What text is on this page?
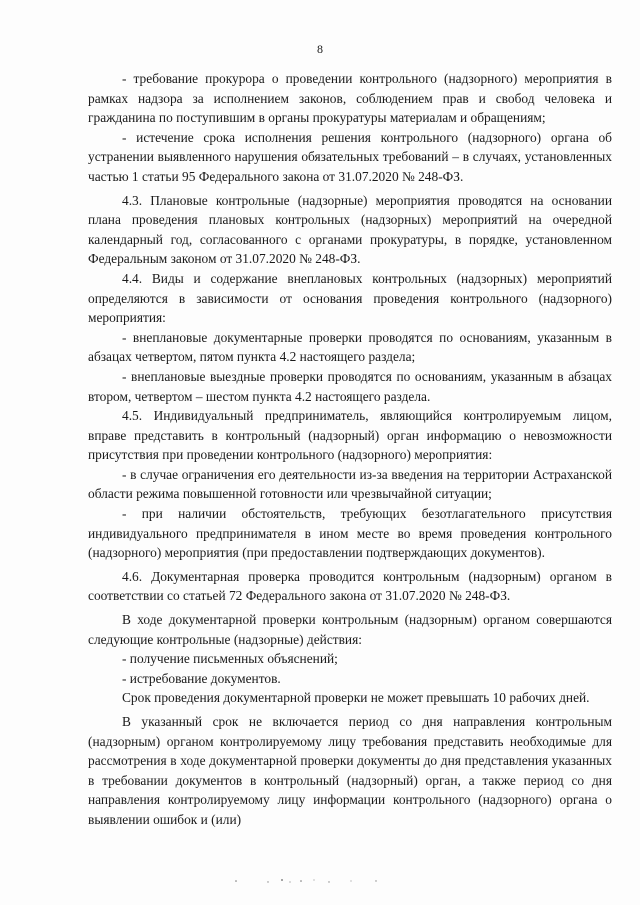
8

- требование прокурора о проведении контрольного (надзорного) мероприятия в рамках надзора за исполнением законов, соблюдением прав и свобод человека и гражданина по поступившим в органы прокуратуры материалам и обращениям;

- истечение срока исполнения решения контрольного (надзорного) органа об устранении выявленного нарушения обязательных требований – в случаях, установленных частью 1 статьи 95 Федерального закона от 31.07.2020 № 248-ФЗ.

4.3. Плановые контрольные (надзорные) мероприятия проводятся на основании плана проведения плановых контрольных (надзорных) мероприятий на очередной календарный год, согласованного с органами прокуратуры, в порядке, установленном Федеральным законом от 31.07.2020 № 248-ФЗ.

4.4. Виды и содержание внеплановых контрольных (надзорных) мероприятий определяются в зависимости от основания проведения контрольного (надзорного) мероприятия:

- внеплановые документарные проверки проводятся по основаниям, указанным в абзацах четвертом, пятом пункта 4.2 настоящего раздела;

- внеплановые выездные проверки проводятся по основаниям, указанным в абзацах втором, четвертом – шестом пункта 4.2 настоящего раздела.

4.5. Индивидуальный предприниматель, являющийся контролируемым лицом, вправе представить в контрольный (надзорный) орган информацию о невозможности присутствия при проведении контрольного (надзорного) мероприятия:

- в случае ограничения его деятельности из-за введения на территории Астраханской области режима повышенной готовности или чрезвычайной ситуации;

- при наличии обстоятельств, требующих безотлагательного присутствия индивидуального предпринимателя в ином месте во время проведения контрольного (надзорного) мероприятия (при предоставлении подтверждающих документов).

4.6. Документарная проверка проводится контрольным (надзорным) органом в соответствии со статьей 72 Федерального закона от 31.07.2020 № 248-ФЗ.

В ходе документарной проверки контрольным (надзорным) органом совершаются следующие контрольные (надзорные) действия:

- получение письменных объяснений;

- истребование документов.

Срок проведения документарной проверки не может превышать 10 рабочих дней.

В указанный срок не включается период со дня направления контрольным (надзорным) органом контролируемому лицу требования представить необходимые для рассмотрения в ходе документарной проверки документы до дня представления указанных в требовании документов в контрольный (надзорный) орган, а также период со дня направления контролируемому лицу информации контрольного (надзорного) органа о выявлении ошибок и (или)
